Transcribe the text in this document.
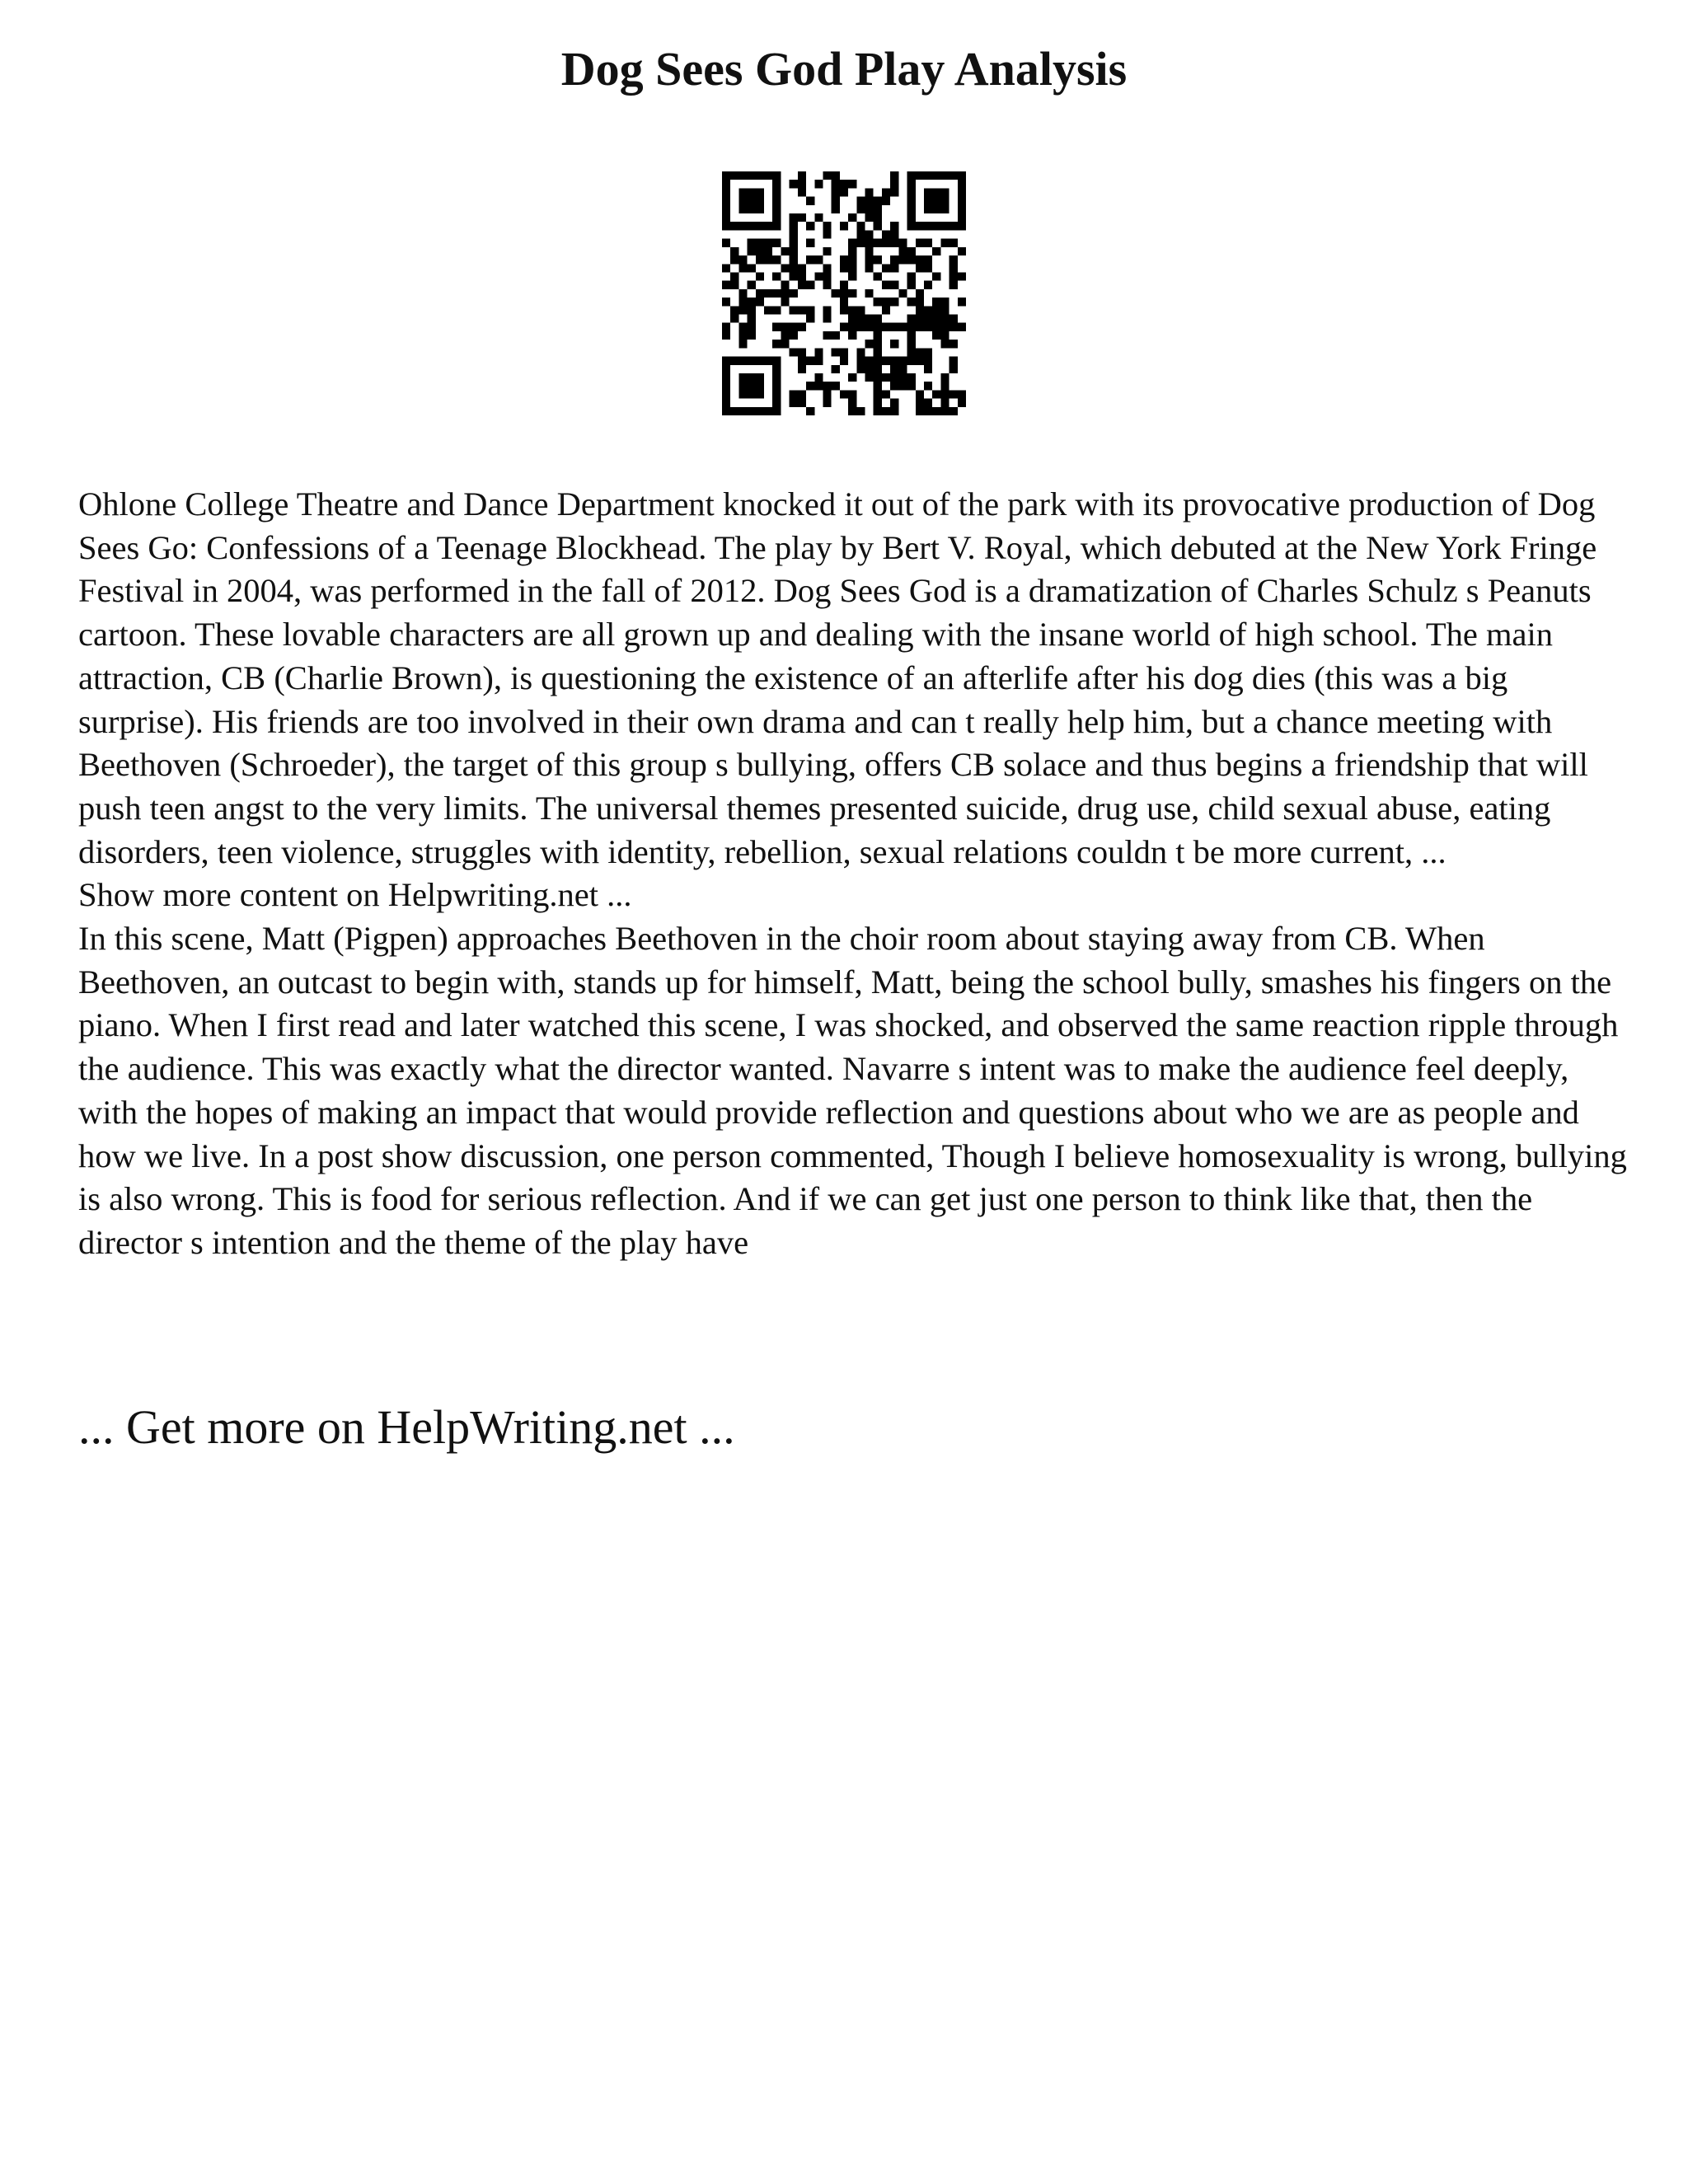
Dog Sees God Play Analysis

Ohlone College Theatre and Dance Department knocked it out of the park with its provocative production of Dog Sees Go: Confessions of a Teenage Blockhead. The play by Bert V. Royal, which debuted at the New York Fringe Festival in 2004, was performed in the fall of 2012. Dog Sees God is a dramatization of Charles Schulz s Peanuts cartoon. These lovable characters are all grown up and dealing with the insane world of high school. The main attraction, CB (Charlie Brown), is questioning the existence of an afterlife after his dog dies (this was a big surprise). His friends are too involved in their own drama and can t really help him, but a chance meeting with Beethoven (Schroeder), the target of this group s bullying, offers CB solace and thus begins a friendship that will push teen angst to the very limits. The universal themes presented suicide, drug use, child sexual abuse, eating disorders, teen violence, struggles with identity, rebellion, sexual relations couldn t be more current, ...

Show more content on Helpwriting.net ...

In this scene, Matt (Pigpen) approaches Beethoven in the choir room about staying away from CB. When Beethoven, an outcast to begin with, stands up for himself, Matt, being the school bully, smashes his fingers on the piano. When I first read and later watched this scene, I was shocked, and observed the same reaction ripple through the audience. This was exactly what the director wanted. Navarre s intent was to make the audience feel deeply, with the hopes of making an impact that would provide reflection and questions about who we are as people and how we live. In a post show discussion, one person commented, Though I believe homosexuality is wrong, bullying is also wrong. This is food for serious reflection. And if we can get just one person to think like that, then the director s intention and the theme of the play have

... Get more on HelpWriting.net ...
